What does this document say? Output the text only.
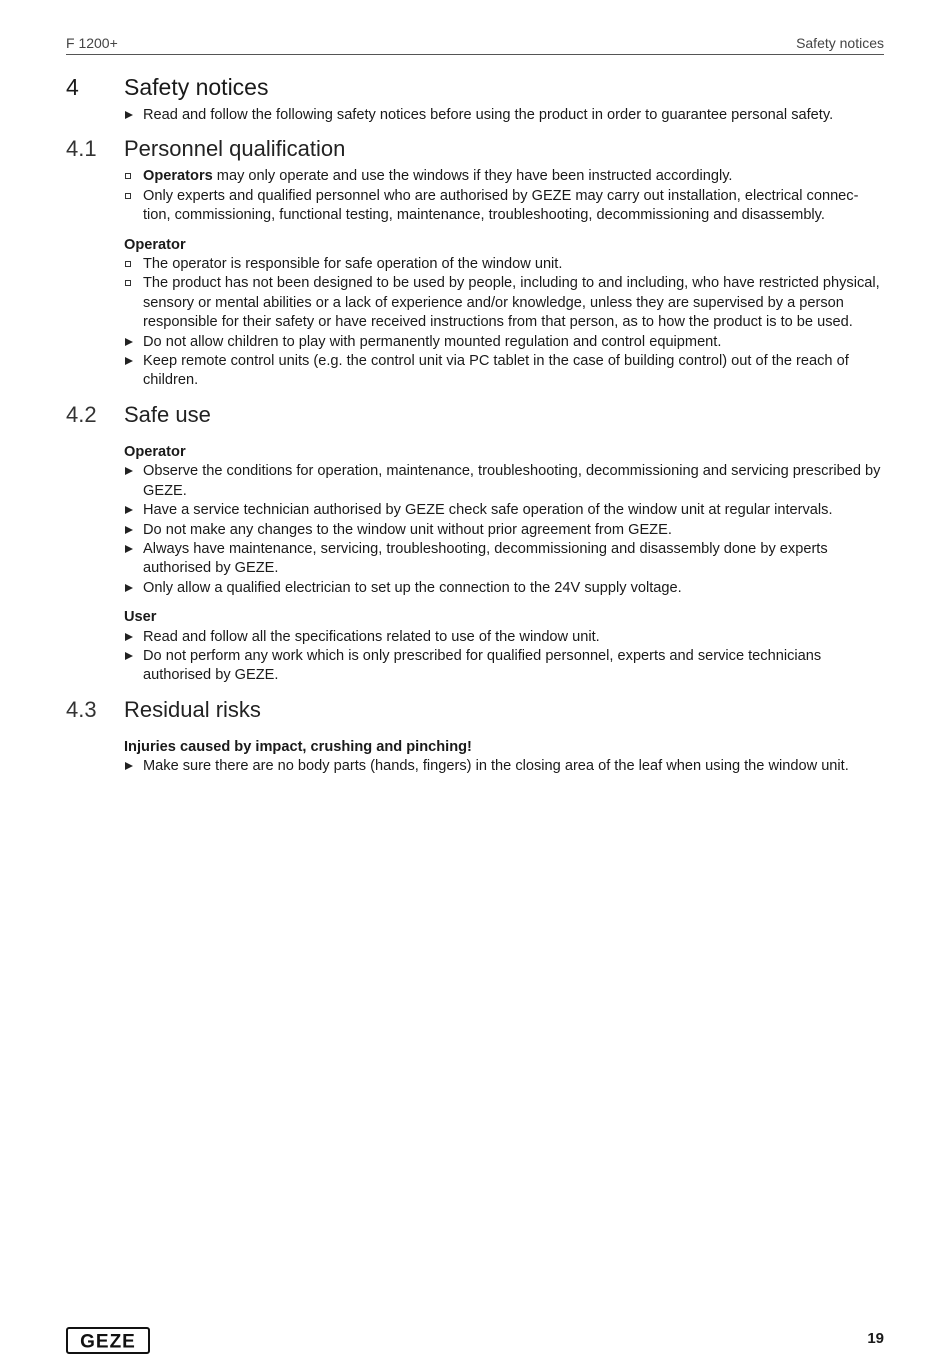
F 1200+	Safety notices
4 Safety notices
Read and follow the following safety notices before using the product in order to guarantee personal safety.
4.1 Personnel qualification
Operators may only operate and use the windows if they have been instructed accordingly.
Only experts and qualified personnel who are authorised by GEZE may carry out installation, electrical connec- tion, commissioning, functional testing, maintenance, troubleshooting, decommissioning and disassembly.
Operator
The operator is responsible for safe operation of the window unit.
The product has not been designed to be used by people, including to and including, who have restricted physical, sensory or mental abilities or a lack of experience and/or knowledge, unless they are supervised by a person responsible for their safety or have received instructions from that person, as to how the product is to be used.
Do not allow children to play with permanently mounted regulation and control equipment.
Keep remote control units (e.g. the control unit via PC tablet in the case of building control) out of the reach of children.
4.2 Safe use
Operator
Observe the conditions for operation, maintenance, troubleshooting, decommissioning and servicing prescribed by GEZE.
Have a service technician authorised by GEZE check safe operation of the window unit at regular intervals.
Do not make any changes to the window unit without prior agreement from GEZE.
Always have maintenance, servicing, troubleshooting, decommissioning and disassembly done by experts authorised by GEZE.
Only allow a qualified electrician to set up the connection to the 24V supply voltage.
User
Read and follow all the specifications related to use of the window unit.
Do not perform any work which is only prescribed for qualified personnel, experts and service technicians authorised by GEZE.
4.3 Residual risks
Injuries caused by impact, crushing and pinching!
Make sure there are no body parts (hands, fingers) in the closing area of the leaf when using the window unit.
GEZE	19
